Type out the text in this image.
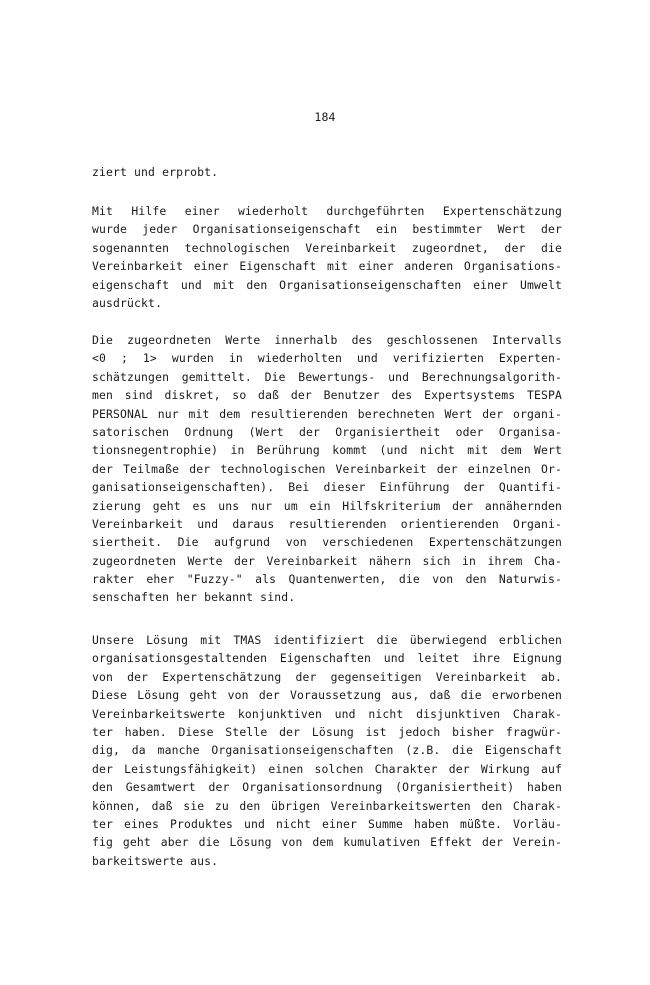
184
ziert und erprobt.
Mit Hilfe einer wiederholt durchgeführten Expertenschätzung
wurde jeder Organisationseigenschaft ein bestimmter Wert der
sogenannten technologischen Vereinbarkeit zugeordnet, der die
Vereinbarkeit einer Eigenschaft mit einer anderen Organisations-
eigenschaft und mit den Organisationseigenschaften einer Umwelt
ausdrückt.
Die zugeordneten Werte innerhalb des geschlossenen Intervalls
<0 ; 1> wurden in wiederholten und verifizierten Experten-
schätzungen gemittelt. Die Bewertungs- und Berechnungsalgorith-
men sind diskret, so daß der Benutzer des Expertsystems TESPA
PERSONAL nur mit dem resultierenden berechneten Wert der organi-
satorischen Ordnung (Wert der Organisiertheit oder Organisa-
tionsnegentrophie) in Berührung kommt (und nicht mit dem Wert
der Teilmaße der technologischen Vereinbarkeit der einzelnen Or-
ganisationseigenschaften). Bei dieser Einführung der Quantifi-
zierung geht es uns nur um ein Hilfskriterium der annähernden
Vereinbarkeit und daraus resultierenden orientierenden Organi-
siertheit. Die aufgrund von verschiedenen Expertenschätzungen
zugeordneten Werte der Vereinbarkeit nähern sich in ihrem Cha-
rakter eher "Fuzzy-" als Quantenwerten, die von den Naturwis-
senschaften her bekannt sind.
Unsere Lösung mit TMAS identifiziert die überwiegend erblichen
organisationsgestaltenden Eigenschaften und leitet ihre Eignung
von der Expertenschätzung der gegenseitigen Vereinbarkeit ab.
Diese Lösung geht von der Voraussetzung aus, daß die erworbenen
Vereinbarkeitswerte konjunktiven und nicht disjunktiven Charak-
ter haben. Diese Stelle der Lösung ist jedoch bisher fragwür-
dig, da manche Organisationseigenschaften (z.B. die Eigenschaft
der Leistungsfähigkeit) einen solchen Charakter der Wirkung auf
den Gesamtwert der Organisationsordnung (Organisiertheit) haben
können, daß sie zu den übrigen Vereinbarkeitswerten den Charak-
ter eines Produktes und nicht einer Summe haben müßte. Vorläu-
fig geht aber die Lösung von dem kumulativen Effekt der Verein-
barkeitswerte aus.
